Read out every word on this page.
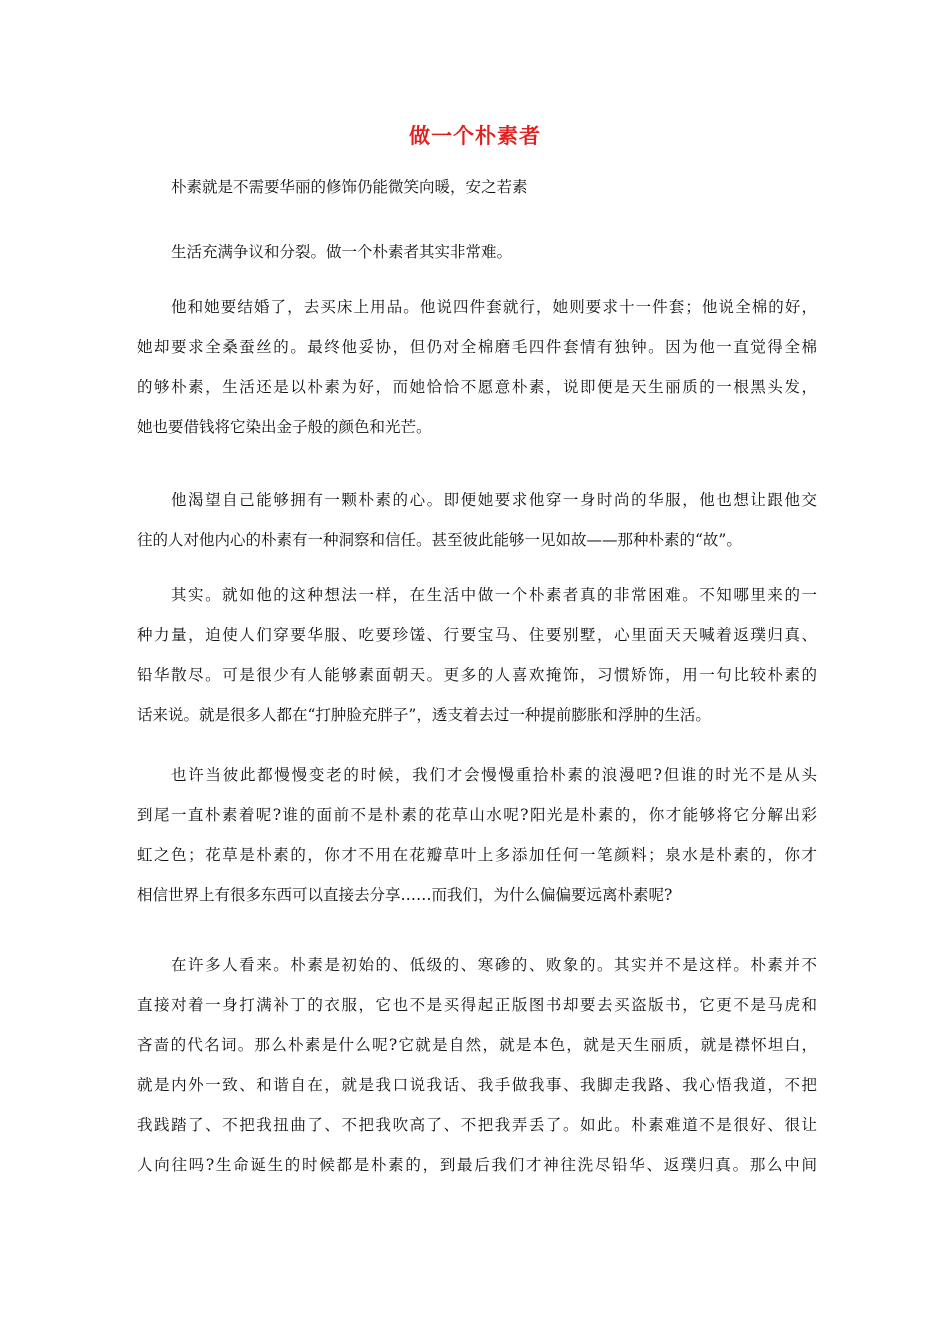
做一个朴素者
朴素就是不需要华丽的修饰仍能微笑向暖，安之若素
生活充满争议和分裂。做一个朴素者其实非常难。
他和她要结婚了，去买床上用品。他说四件套就行，她则要求十一件套；他说全棉的好，
她却要求全桑蚕丝的。最终他妥协，但仍对全棉磨毛四件套情有独钟。因为他一直觉得全棉
的够朴素，生活还是以朴素为好，而她恰恰不愿意朴素，说即便是天生丽质的一根黑头发，
她也要借钱将它染出金子般的颜色和光芒。
他渴望自己能够拥有一颗朴素的心。即便她要求他穿一身时尚的华服，他也想让跟他交
往的人对他内心的朴素有一种洞察和信任。甚至彼此能够一见如故——那种朴素的“故”。
其实。就如他的这种想法一样，在生活中做一个朴素者真的非常困难。不知哪里来的一
种力量，迫使人们穿要华服、吃要珍馐、行要宝马、住要别墅，心里面天天喊着返璞归真、
铅华散尽。可是很少有人能够素面朝天。更多的人喜欢掩饰，习惯矫饰，用一句比较朴素的
话来说。就是很多人都在“打肿脸充胖子”，透支着去过一种提前膨胀和浮肿的生活。
也许当彼此都慢慢变老的时候，我们才会慢慢重拾朴素的浪漫吧?但谁的时光不是从头
到尾一直朴素着呢?谁的面前不是朴素的花草山水呢?阳光是朴素的，你才能够将它分解出彩
虹之色；花草是朴素的，你才不用在花瓣草叶上多添加任何一笔颜料；泉水是朴素的，你才
相信世界上有很多东西可以直接去分享……而我们，为什么偏偏要远离朴素呢?
在许多人看来。朴素是初始的、低级的、寒碜的、败象的。其实并不是这样。朴素并不
直接对着一身打满补丁的衣服，它也不是买得起正版图书却要去买盗版书，它更不是马虎和
吝啬的代名词。那么朴素是什么呢?它就是自然，就是本色，就是天生丽质，就是襟怀坦白，
就是内外一致、和谐自在，就是我口说我话、我手做我事、我脚走我路、我心悟我道，不把
我践踏了、不把我扭曲了、不把我吹高了、不把我弄丢了。如此。朴素难道不是很好、很让
人向往吗?生命诞生的时候都是朴素的，到最后我们才神往洗尽铅华、返璞归真。那么中间
